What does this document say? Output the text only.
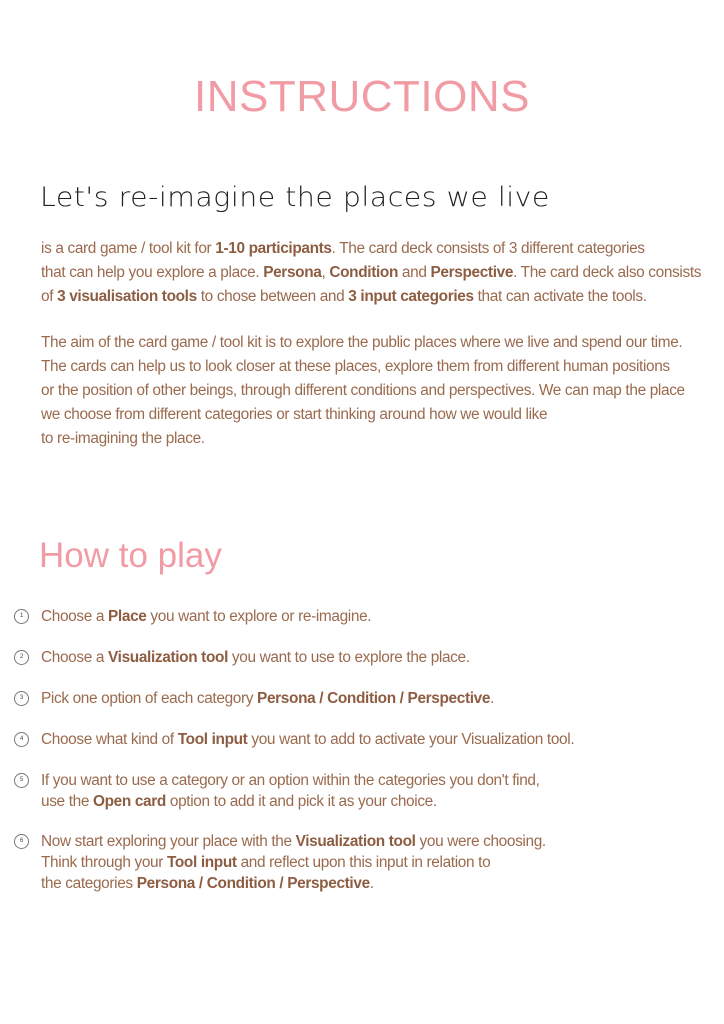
INSTRUCTIONS
Let's re-imagine the places we live
is a card game / tool kit for 1-10 participants. The card deck consists of 3 different categories
that can help you explore a place. Persona, Condition and Perspective. The card deck also consists
of 3 visualisation tools to chose between and 3 input categories that can activate the tools.
The aim of the card game / tool kit is to explore the public places where we live and spend our time.
The cards can help us to look closer at these places, explore them from different human positions
or the position of other beings, through different conditions and perspectives. We can map the place
we choose from different categories or start thinking around how we would like
to re-imagining the place.
How to play
1	Choose a Place you want to explore or re-imagine.
2	Choose a Visualization tool you want to use to explore the place.
3	Pick one option of each category Persona / Condition / Perspective.
4	Choose what kind of Tool input you want to add to activate your Visualization tool.
5	If you want to use a category or an option within the categories you don't find,
use the Open card option to add it and pick it as your choice.
6	Now start exploring your place with the Visualization tool you were choosing.
Think through your Tool input and reflect upon this input in relation to
the categories Persona / Condition / Perspective.
